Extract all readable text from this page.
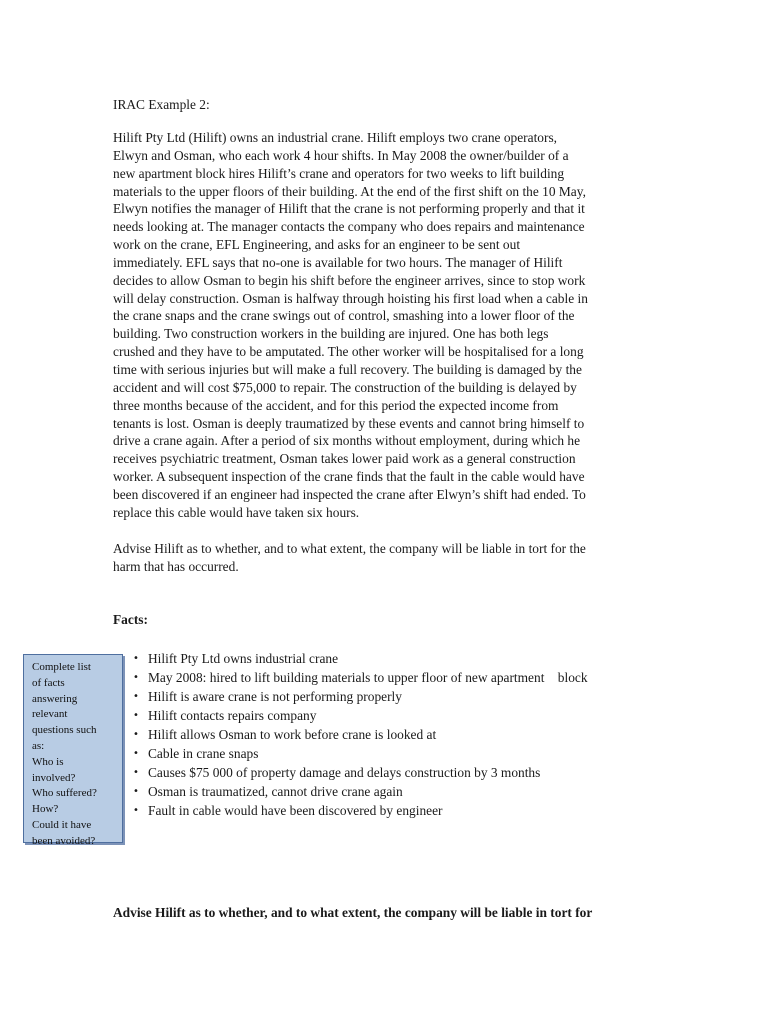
IRAC Example 2:

Hilift Pty Ltd (Hilift) owns an industrial crane. Hilift employs two crane operators,
Elwyn and Osman, who each work 4 hour shifts. In May 2008 the owner/builder of a
new apartment block hires Hilift’s crane and operators for two weeks to lift building
materials to the upper floors of their building. At the end of the first shift on the 10 May,
Elwyn notifies the manager of Hilift that the crane is not performing properly and that it
needs looking at. The manager contacts the company who does repairs and maintenance
work on the crane, EFL Engineering, and asks for an engineer to be sent out
immediately. EFL says that no-one is available for two hours. The manager of Hilift
decides to allow Osman to begin his shift before the engineer arrives, since to stop work
will delay construction. Osman is halfway through hoisting his first load when a cable in
the crane snaps and the crane swings out of control, smashing into a lower floor of the
building. Two construction workers in the building are injured. One has both legs
crushed and they have to be amputated. The other worker will be hospitalised for a long
time with serious injuries but will make a full recovery. The building is damaged by the
accident and will cost $75,000 to repair. The construction of the building is delayed by
three months because of the accident, and for this period the expected income from
tenants is lost. Osman is deeply traumatized by these events and cannot bring himself to
drive a crane again. After a period of six months without employment, during which he
receives psychiatric treatment, Osman takes lower paid work as a general construction
worker. A subsequent inspection of the crane finds that the fault in the cable would have
been discovered if an engineer had inspected the crane after Elwyn’s shift had ended. To
replace this cable would have taken six hours.

Advise Hilift as to whether, and to what extent, the company will be liable in tort for the
harm that has occurred.

Facts:

Complete list
of facts
answering
relevant
questions such
as:
Who is
involved?
Who suffered?
How?
Could it have
been avoided?
• Hilift Pty Ltd owns industrial crane
• May 2008: hired to lift building materials to upper floor of new apartment    block
• Hilift is aware crane is not performing properly
• Hilift contacts repairs company
• Hilift allows Osman to work before crane is looked at
• Cable in crane snaps
• Causes $75 000 of property damage and delays construction by 3 months
• Osman is traumatized, cannot drive crane again
• Fault in cable would have been discovered by engineer

Advise Hilift as to whether, and to what extent, the company will be liable in tort for
